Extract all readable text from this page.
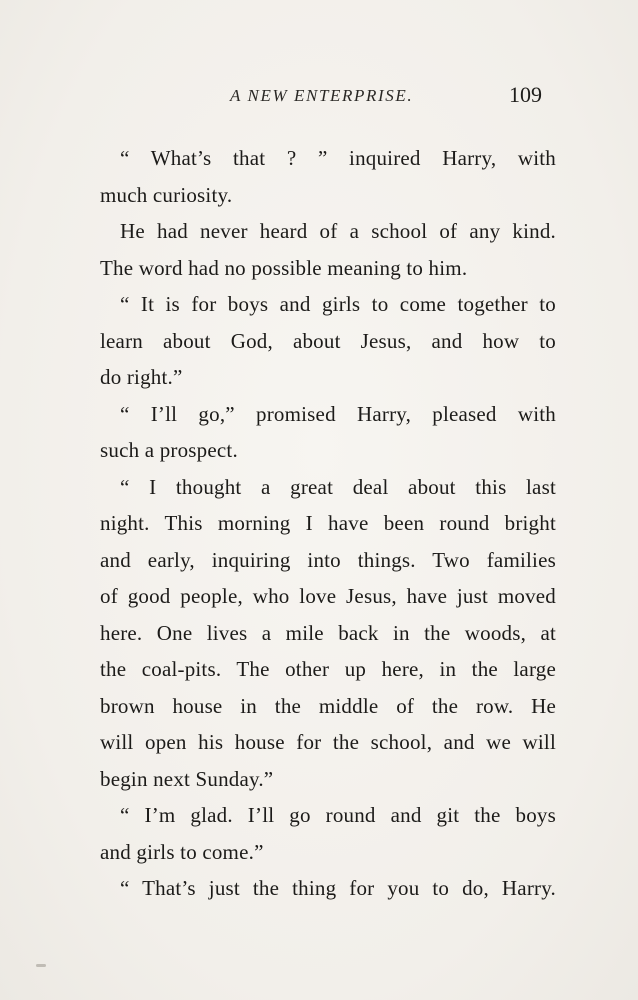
A NEW ENTERPRISE.	109
“ What’s that ? ” inquired Harry, with
much curiosity.
He had never heard of a school of any kind.
The word had no possible meaning to him.
“ It is for boys and girls to come together to
learn about God, about Jesus, and how to
do right.”
“ I’ll go,” promised Harry, pleased with
such a prospect.
“ I thought a great deal about this last
night. This morning I have been round bright
and early, inquiring into things. Two families
of good people, who love Jesus, have just moved
here. One lives a mile back in the woods, at
the coal-pits. The other up here, in the large
brown house in the middle of the row. He
will open his house for the school, and we will
begin next Sunday.”
“ I’m glad. I’ll go round and git the boys
and girls to come.”
“ That’s just the thing for you to do, Harry.
